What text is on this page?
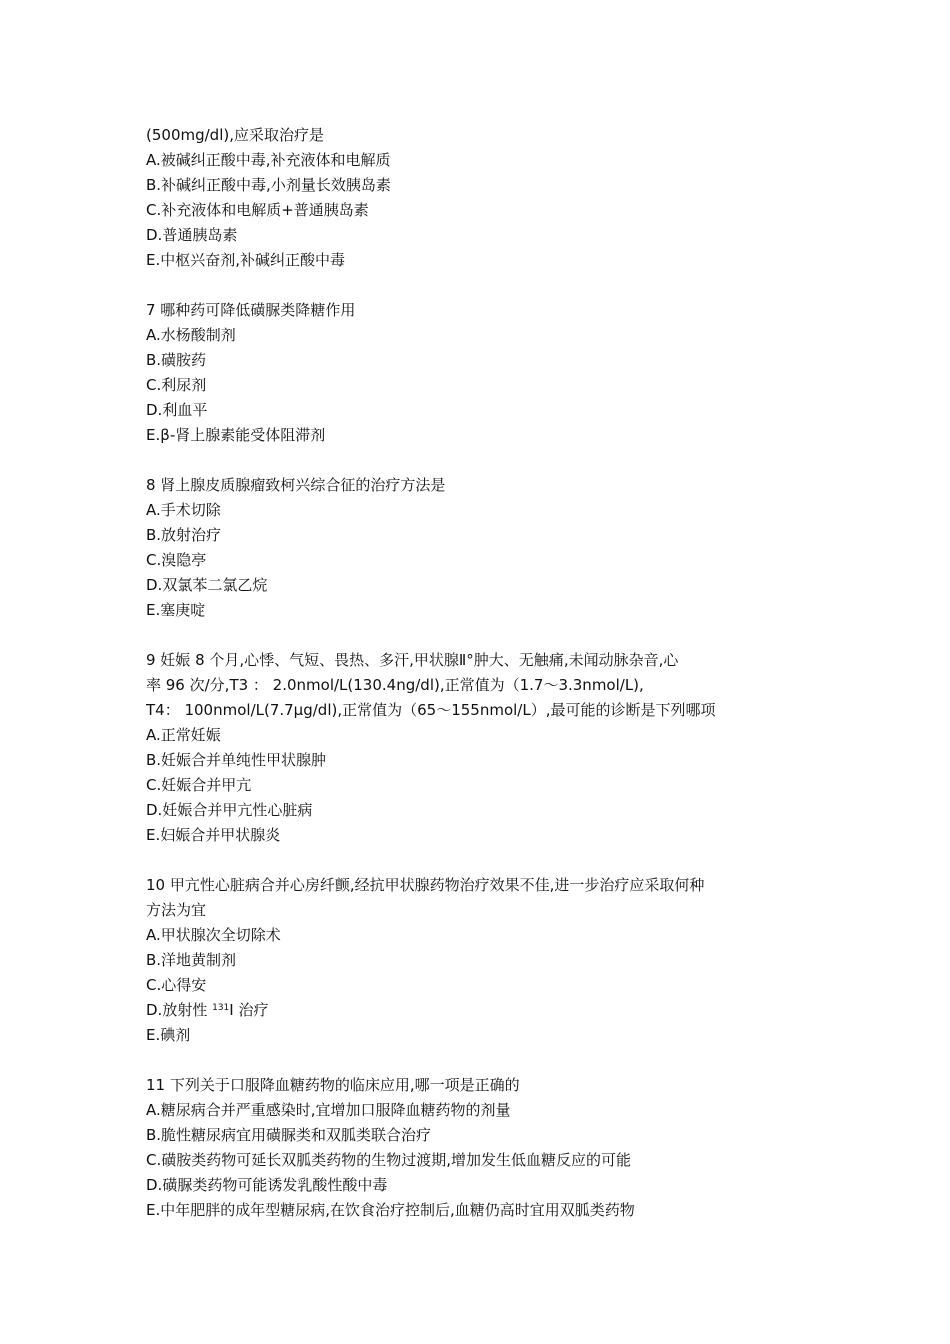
(500mg/dl),应采取治疗是
A.被碱纠正酸中毒,补充液体和电解质
B.补碱纠正酸中毒,小剂量长效胰岛素
C.补充液体和电解质+普通胰岛素
D.普通胰岛素
E.中枢兴奋剂,补碱纠正酸中毒
7 哪种药可降低磺脲类降糖作用
A.水杨酸制剂
B.磺胺药
C.利尿剂
D.利血平
E.β-肾上腺素能受体阻滞剂
8 肾上腺皮质腺瘤致柯兴综合征的治疗方法是
A.手术切除
B.放射治疗
C.溴隐亭
D.双氯苯二氯乙烷
E.塞庚啶
9 妊娠 8 个月,心悸、气短、畏热、多汗,甲状腺Ⅱ°肿大、无触痛,未闻动脉杂音,心
率 96 次/分,T3 ： 2.0nmol/L(130.4ng/dl),正常值为（1.7～3.3nmol/L),
T4： 100nmol/L(7.7μg/dl),正常值为（65～155nmol/L）,最可能的诊断是下列哪项
A.正常妊娠
B.妊娠合并单纯性甲状腺肿
C.妊娠合并甲亢
D.妊娠合并甲亢性心脏病
E.妇娠合并甲状腺炎
10 甲亢性心脏病合并心房纤颤,经抗甲状腺药物治疗效果不佳,进一步治疗应采取何种
方法为宜
A.甲状腺次全切除术
B.洋地黄制剂
C.心得安
D.放射性 $^{131}$I 治疗
E.碘剂
11 下列关于口服降血糖药物的临床应用,哪一项是正确的
A.糖尿病合并严重感染时,宜增加口服降血糖药物的剂量
B.脆性糖尿病宜用磺脲类和双胍类联合治疗
C.磺胺类药物可延长双胍类药物的生物过渡期,增加发生低血糖反应的可能
D.磺脲类药物可能诱发乳酸性酸中毒
E.中年肥胖的成年型糖尿病,在饮食治疗控制后,血糖仍高时宜用双胍类药物
